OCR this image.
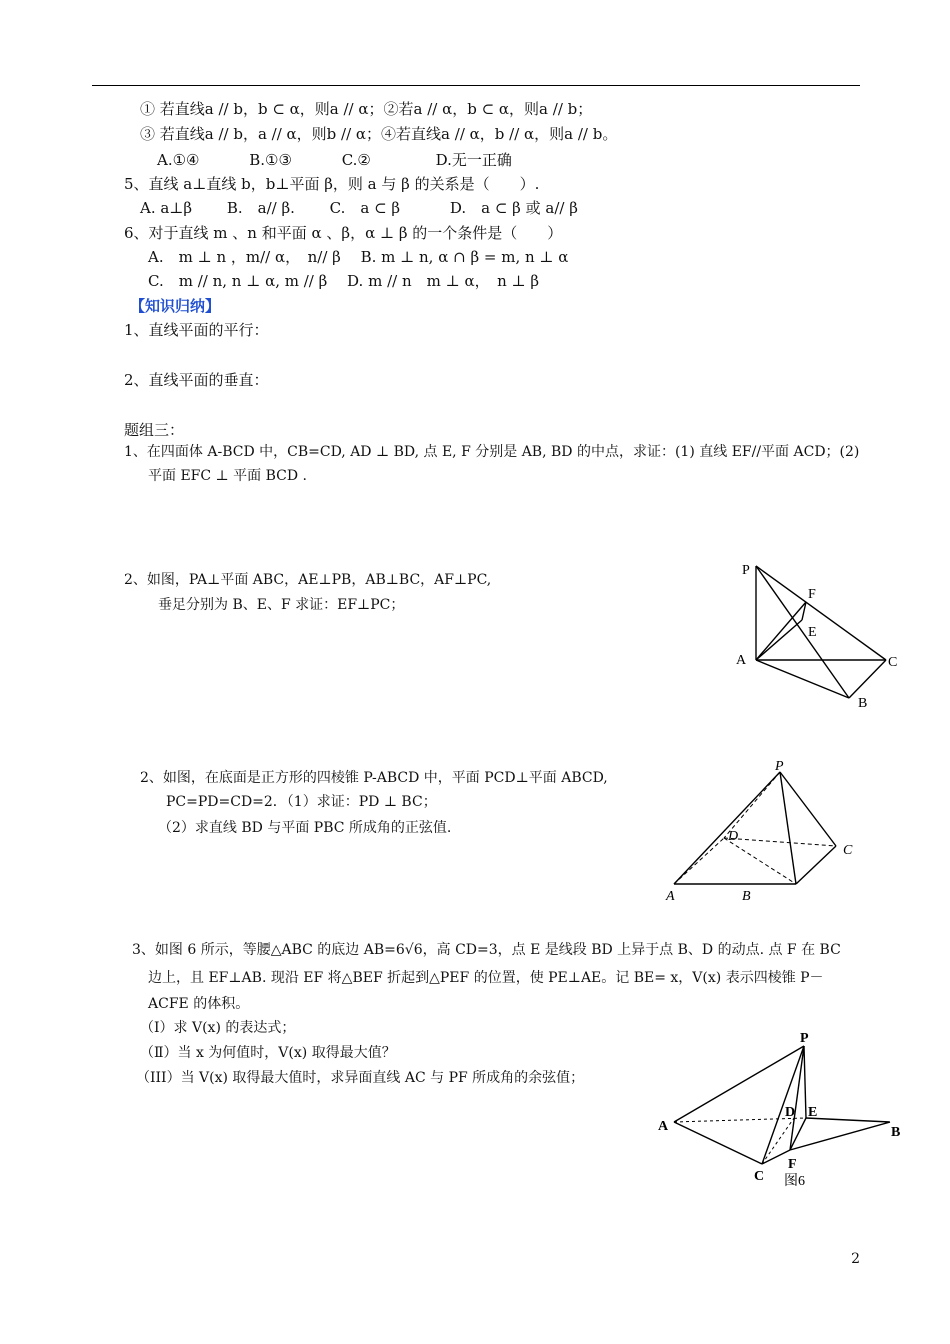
① 若直线a // b，b ⊂ α，则a // α；②若a // α，b ⊂ α，则a // b；
③ 若直线a // b，a // α，则b // α；④若直线a // α，b // α，则a // b。
A.①④　　　 B.①③　　　 C.②　　　　 D.无一正确
5、直线 a⊥直线 b，b⊥平面 β，则 a 与 β 的关系是（　　）.
A. a⊥β　　 B.　a// β.　　 C.　a ⊂ β　　　 D.　a ⊂ β 或 a// β
6、对于直线 m 、n 和平面 α 、β，α ⊥ β 的一个条件是（　　）
A.　m ⊥ n ，m// α，　n// β　 B. m ⊥ n, α ∩ β = m, n ⊥ α
C.　m // n, n ⊥ α, m // β　 D. m // n　m ⊥ α，　n ⊥ β
【知识归纳】
1、直线平面的平行：
2、直线平面的垂直：
题组三：
1、在四面体 A-BCD 中，CB=CD, AD ⊥ BD, 点 E, F 分别是 AB, BD 的中点，求证：(1) 直线 EF//平面 ACD；(2)
平面 EFC ⊥ 平面 BCD .
2、如图，PA⊥平面 ABC，AE⊥PB，AB⊥BC，AF⊥PC,
垂足分别为 B、E、F 求证：EF⊥PC；
P
F
E
A	C
B
2、如图，在底面是正方形的四棱锥 P-ABCD 中，平面 PCD⊥平面 ABCD,
PC=PD=CD=2．（1）求证：PD ⊥ BC；
（2）求直线 BD 与平面 PBC 所成角的正弦值.
P
D
C
A	B
3、如图 6 所示，等腰△ABC 的底边 AB=6√6，高 CD=3，点 E 是线段 BD 上异于点 B、D 的动点. 点 F 在 BC
边上，且 EF⊥AB. 现沿 EF 将△BEF 折起到△PEF 的位置，使 PE⊥AE。记 BE= x，V(x) 表示四棱锥 P－
ACFE 的体积。
（Ⅰ）求 V(x) 的表达式；
（Ⅱ）当 x 为何值时，V(x) 取得最大值？
（III）当 V(x) 取得最大值时，求异面直线 AC 与 PF 所成角的余弦值；
P
D E
A	B
C
F
图6
2
